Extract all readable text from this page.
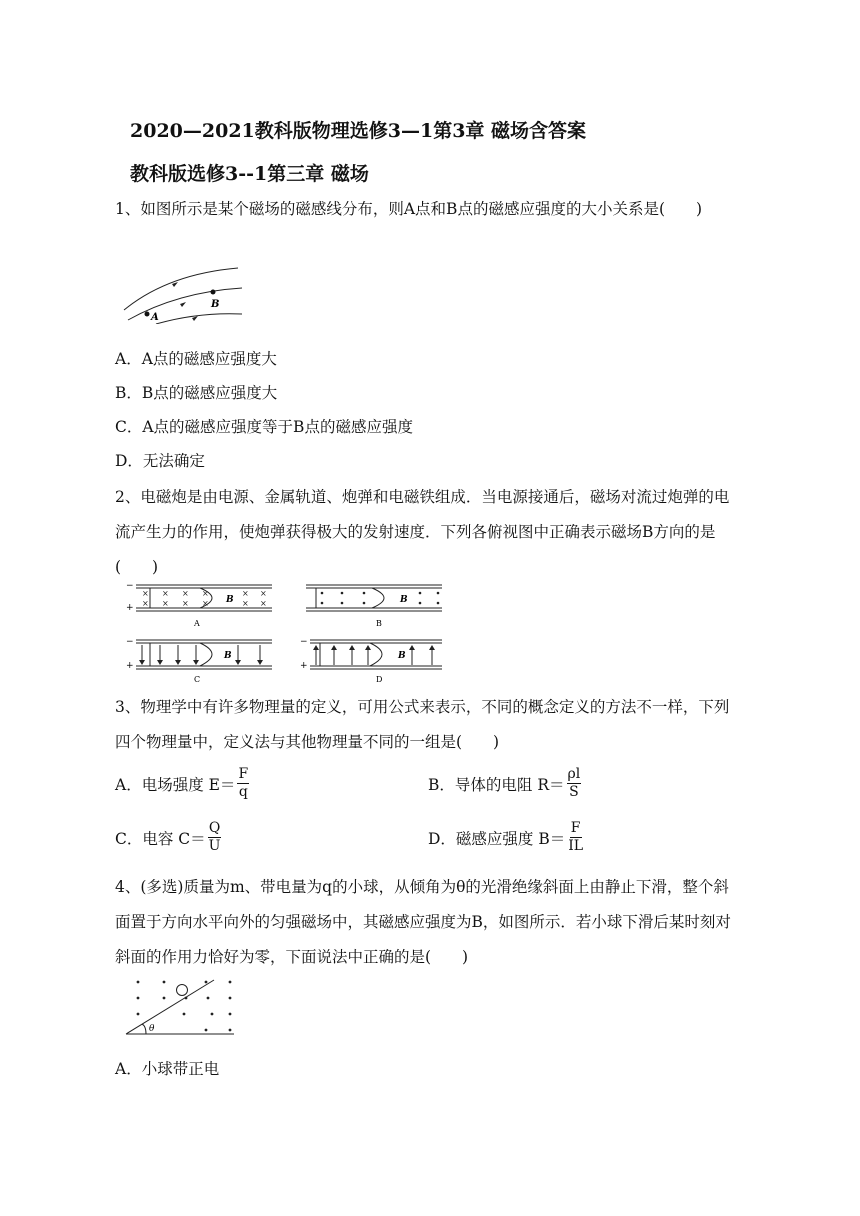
2020—2021教科版物理选修3—1第3章 磁场含答案
教科版选修3--1第三章 磁场
1、如图所示是某个磁场的磁感线分布，则A点和B点的磁感应强度的大小关系是(　　)
A
B
A．A点的磁感应强度大
B．B点的磁感应强度大
C．A点的磁感应强度等于B点的磁感应强度
D．无法确定
2、电磁炮是由电源、金属轨道、炮弹和电磁铁组成．当电源接通后，磁场对流过炮弹的电流产生力的作用，使炮弹获得极大的发射速度．下列各俯视图中正确表示磁场B方向的是(　　)
−
+
× × × ×	× ×
× × × ×	× ×
B
A
B
B
−
+
B
C
−
+
B
D
3、物理学中有许多物理量的定义，可用公式来表示，不同的概念定义的方法不一样，下列四个物理量中，定义法与其他物理量不同的一组是(　　)
A．电场强度 $E= \frac{F}{q}$	B．导体的电阻 $R= \frac{\rho l}{S}$
C．电容 $C= \frac{Q}{U}$	D．磁感应强度 $B= \frac{F}{IL}$
4、(多选)质量为m、带电量为q的小球，从倾角为θ的光滑绝缘斜面上由静止下滑，整个斜面置于方向水平向外的匀强磁场中，其磁感应强度为B，如图所示．若小球下滑后某时刻对斜面的作用力恰好为零，下面说法中正确的是(　　)
θ
A．小球带正电
